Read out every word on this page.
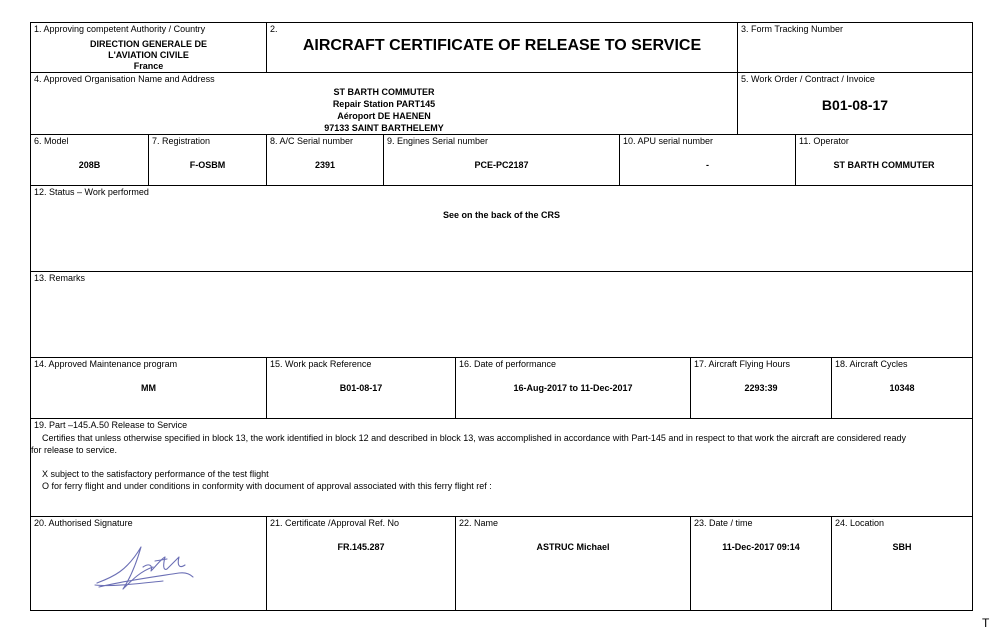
1. Approving competent Authority / Country
DIRECTION GENERALE DE
L'AVIATION CIVILE
France
2.
AIRCRAFT CERTIFICATE OF RELEASE TO SERVICE
3. Form Tracking Number
4. Approved Organisation Name and Address
ST BARTH COMMUTER
Repair Station PART145
Aéroport DE HAENEN
97133 SAINT BARTHELEMY
5. Work Order / Contract / Invoice
B01-08-17
6. Model
208B
7. Registration
F-OSBM
8. A/C Serial number
2391
9. Engines Serial number
PCE-PC2187
10. APU serial number
-
11. Operator
ST BARTH COMMUTER
12. Status – Work performed
See on the back of the CRS
13. Remarks
14. Approved Maintenance program
MM
15. Work pack Reference
B01-08-17
16. Date of performance
16-Aug-2017 to 11-Dec-2017
17. Aircraft Flying Hours
2293:39
18. Aircraft Cycles
10348
19. Part –145.A.50 Release to Service
Certifies that unless otherwise specified in block 13, the work identified in block 12 and described in block 13, was accomplished in accordance with Part-145 and in respect to that work the aircraft are considered ready
for release to service.
X subject to the satisfactory performance of the test flight
O for ferry flight and under conditions in conformity with document of approval associated with this ferry flight ref :
20. Authorised Signature	21. Certificate /Approval Ref. No
FR.145.287
22. Name
ASTRUC Michael
23. Date / time
11-Dec-2017 09:14
24. Location
SBH
T
